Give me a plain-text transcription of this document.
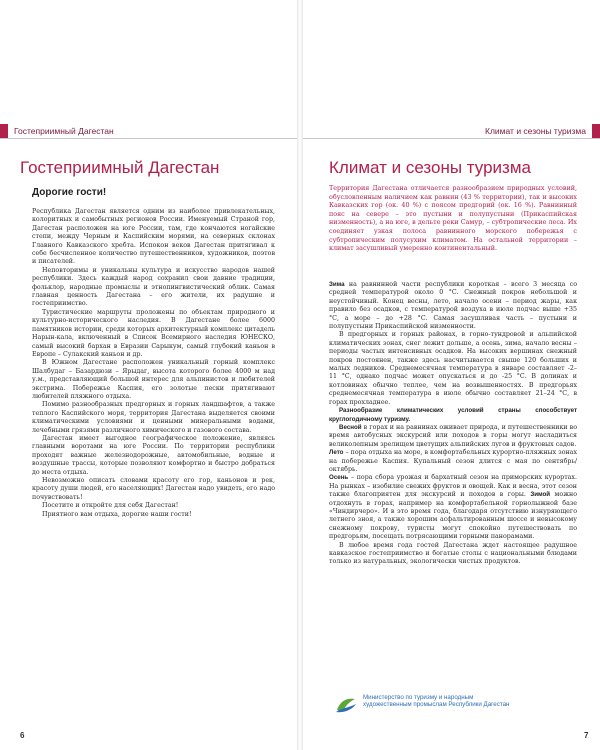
Гостеприимный Дагестан
Гостеприимный Дагестан
Дорогие гости!

Республика Дагестан является одним из наиболее привлекательных, колоритных и самобытных регионов России. Именуемый Страной гор, Дагестан расположен на юге России, там, где кончаются ногайские степи, между Черным и Каспийским морями, на северных склонах Главного Кавказского хребта. Испокон веков Дагестан притягивал к себе бесчисленное количество путешественников, художников, поэтов и писателей.

Неповторимы и уникальны культура и искусство народов нашей республики. Здесь каждый народ сохранил свои давние традиции, фольклор, народные промыслы и этнопингвистический облик. Самая главная ценность Дагестана – его жители, их радушие и гостеприимство.

Туристические маршруты проложены по объектам природного и культурно-исторического наследия. В Дагестане более 6000 памятников истории, среди которых архитектурный комплекс цитадель Нарын-кала, включенный в Список Всемирного наследия ЮНЕСКО, самый высокий бархан в Евразии Сарыкум, самый глубокий каньон в Европе – Сулакский каньон и др.

В Южном Дагестане расположен уникальный горный комплекс Шалбудаг – Базардюзи – Ярыдаг, высота которого более 4000 м над у.м., представляющий большой интерес для альпинистов и любителей экстрима. Побережье Каспия, его золотые пески притягивают любителей пляжного отдыха.

Помимо разнообразных предгорных и горных ландшафтов, а также теплого Каспийского моря, территория Дагестана выделяется своими климатическими условиями и ценными минеральными водами, лечебными грязями различного химического и газового состава.

Дагестан имеет выгодное географическое положение, являясь главными воротами на юге России. По территории республики проходят важные железнодорожные, автомобильные, водные и воздушные трассы, которые позволяют комфортно и быстро добраться до места отдыха.

Невозможно описать словами красоту его гор, каньонов и рек, красоту души людей, его населяющих! Дагестан надо увидеть, его надо почувствовать!

Посетите и откройте для себя Дагестан!

Приятного вам отдыха, дорогие наши гости!

6
Климат и сезоны туризма
Климат и сезоны туризма
Территория Дагестана отличается разнообразием природных условий, обусловленным наличием как равнин (43 % территории), так и высоких Кавказских гор (ок. 40 %) с поясом предгорий (ок. 16 %). Равнинный пояс на севере – это пустыни и полупустыни (Прикаспийская низменность), а на юге, в дельте реки Самур, – субтропические леса. Их соединяет узкая полоса равнинного морского побережья с субтропическим полусухим климатом. На остальной территории – климат засушливый умеренно континентальный.

Зима на равнинной части республики короткая – всего 3 месяца со средней температурой около 0 °С. Снежный покров небольшой и неустойчивый. Конец весны, лето, начало осени – период жары, как правило без осадков, с температурой воздуха в июле подчас выше +35 °С, а море – до +28 °С. Самая засушливая часть – пустыни и полупустыни Прикаспийской низменности.

В предгорных и горных районах, в горно-тундровой и альпийской климатических зонах, снег лежит дольше, а осень, зима, начало весны – периоды частых интенсивных осадков. На высоких вершинах снежный покров постоянен, также здесь насчитывается свыше 120 больших и малых ледников. Среднемесячная температура в январе составляет -2–11 °С, однако подчас может опускаться и до -25 °С. В долинах и котловинах обычно теплее, чем на возвышенностях. В предгорьях среднемесячная температура в июле обычно составляет 21–24 °С, в горах прохладнее.

Разнообразие климатических условий страны способствует круглогодичному туризму.

Весной в горах и на равнинах оживает природа, и путешественники во время автобусных экскурсий или походов в горы могут насладиться великолепным зрелищем цветущих альпийских лугов и фруктовых садов.

Лето – пора отдыха на море, в комфортабельных курортно-пляжных зонах на побережье Каспия. Купальный сезон длится с мая по сентябрь/октябрь.

Осень – пора сбора урожая и бархатный сезон на приморских курортах. На рынках – изобилие свежих фруктов и овощей. Как и весна, этот сезон также благоприятен для экскурсий и походов в горы. Зимой можно отдохнуть в горах, например на комфортабельной горнолыжной базе «Чиндирчеро». И в это время года, благодаря отсутствию изнуряющего летнего зноя, а также хорошим асфальтированным шоссе и невысокому снежному покрову, туристы могут спокойно путешествовать по предгорьям, посещать потрясающими горными панорамами.

В любое время года гостей Дагестана ждет настоящее радушное кавказское гостеприимство и богатые столы с национальными блюдами только из натуральных, экологически чистых продуктов.

7
Министерство по туризму и народным
художественным промыслам Республики Дагестан
